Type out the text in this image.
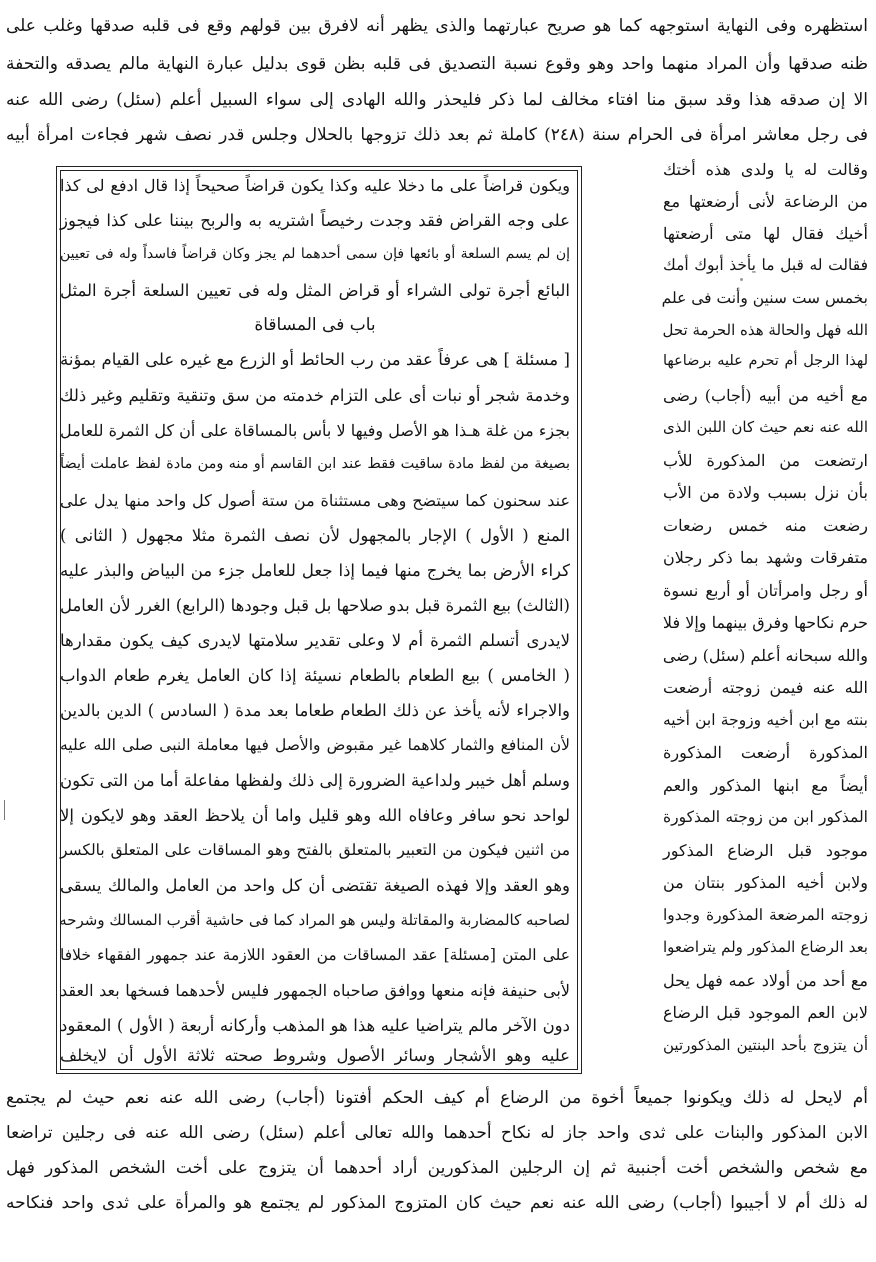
استظهره وفى النهاية استوجهه كما هو صريح عبارتهما والذى يظهر أنه لافرق بين قولهم وقع فى قلبه صدقها وغلب على
ظنه صدقها وأن المراد منهما واحد وهو وقوع نسبة التصديق فى قلبه بظن قوى بدليل عبارة النهاية مالم يصدقه والتحفة
الا إن صدقه هذا وقد سبق منا افتاء مخالف لما ذكر فليحذر والله الهادى إلى سواء السبيل أعلم (سئل) رضى الله عنه
فى رجل معاشر امرأة فى الحرام سنة (٢٤٨) كاملة ثم بعد ذلك تزوجها بالحلال وجلس قدر نصف شهر فجاءت امرأة أبيه
ويكون قراضاً على ما دخلا عليه وكذا يكون قراضاً صحيحاً إذا قال ادفع لى كذا
على وجه القراض فقد وجدت رخيصاً اشتريه به والربح بيننا على كذا فيجوز
إن لم يسم السلعة أو بائعها فإن سمى أحدهما لم يجز وكان قراضاً فاسداً وله فى تعيين
البائع أجرة تولى الشراء أو قراض المثل وله فى تعيين السلعة أجرة المثل
باب فى المساقاة
[ مسئلة ] هى عرفاً عقد من رب الحائط أو الزرع مع غيره على القيام بمؤنة
وخدمة شجر أو نبات أى على التزام خدمته من سق وتنقية وتقليم وغير ذلك
بجزء من غلة هـذا هو الأصل وفيها لا بأس بالمساقاة على أن كل الثمرة للعامل
بصيغة من لفظ مادة ساقيت فقط عند ابن القاسم أو منه ومن مادة لفظ عاملت أيضاً
عند سحنون كما سيتضح وهى مستثناة من ستة أصول كل واحد منها يدل على
المنع ( الأول ) الإجار بالمجهول لأن نصف الثمرة مثلا مجهول ( الثانى )
كراء الأرض بما يخرج منها فيما إذا جعل للعامل جزء من البياض والبذر عليه
(الثالث) بيع الثمرة قبل بدو صلاحها بل قبل وجودها (الرابع) الغرر لأن العامل
لايدرى أتسلم الثمرة أم لا وعلى تقدير سلامتها لايدرى كيف يكون مقدارها
( الخامس ) بيع الطعام بالطعام نسيئة إذا كان العامل يغرم طعام الدواب
والاجراء لأنه يأخذ عن ذلك الطعام طعاما بعد مدة ( السادس ) الدين بالدين
لأن المنافع والثمار كلاهما غير مقبوض والأصل فيها معاملة النبى صلى الله عليه
وسلم أهل خيبر ولداعية الضرورة إلى ذلك ولفظها مفاعلة أما من التى تكون
لواحد نحو سافر وعافاه الله وهو قليل واما أن يلاحظ العقد وهو لايكون إلا
من اثنين فيكون من التعبير بالمتعلق بالفتح وهو المساقات على المتعلق بالكسر
وهو العقد وإلا فهذه الصيغة تقتضى أن كل واحد من العامل والمالك يسقى
لصاحبه كالمضاربة والمقاتلة وليس هو المراد كما فى حاشية أقرب المسالك وشرحه
على المتن [مسئلة] عقد المساقات من العقود اللازمة عند جمهور الفقهاء خلافا
لأبى حنيفة فإنه منعها ووافق صاحباه الجمهور فليس لأحدهما فسخها بعد العقد
دون الآخر مالم يتراضيا عليه هذا هو المذهب وأركانه أربعة ( الأول ) المعقود
عليه وهو الأشجار وسائر الأصول وشروط صحته ثلاثة الأول أن لايخلف
وقالت له يا ولدى هذه أختك
من الرضاعة لأنى أرضعتها مع
أخيك فقال لها متى أرضعتها
فقالت له قبل ما يأخذ أبوك أمك
بخمس ست سنين وأنت فى علم
الله فهل والحالة هذه الحرمة تحل
لهذا الرجل أم تحرم عليه برضاعها
مع أخيه من أبيه (أجاب) رضى
الله عنه نعم حيث كان اللبن الذى
ارتضعت من المذكورة للأب
بأن نزل بسبب ولادة من الأب
رضعت منه خمس رضعات
متفرقات وشهد بما ذكر رجلان
أو رجل وامرأتان أو أربع نسوة
حرم نكاحها وفرق بينهما وإلا فلا
والله سبحانه أعلم (سئل) رضى
الله عنه فيمن زوجته أرضعت
بنته مع ابن أخيه وزوجة ابن أخيه
المذكورة أرضعت المذكورة
أيضاً مع ابنها المذكور والعم
المذكور ابن من زوجته المذكورة
موجود قبل الرضاع المذكور
ولابن أخيه المذكور بنتان من
زوجته المرضعة المذكورة وجدوا
بعد الرضاع المذكور ولم يتراضعوا
مع أحد من أولاد عمه فهل يحل
لابن العم الموجود قبل الرضاع
أن يتزوج بأحد البنتين المذكورتين
أم لايحل له ذلك ويكونوا جميعاً أخوة من الرضاع أم كيف الحكم أفتونا (أجاب) رضى الله عنه نعم حيث لم يجتمع
الابن المذكور والبنات على ثدى واحد جاز له نكاح أحدهما والله تعالى أعلم (سئل) رضى الله عنه فى رجلين تراضعا
مع شخص والشخص أخت أجنبية ثم إن الرجلين المذكورين أراد أحدهما أن يتزوج على أخت الشخص المذكور فهل
له ذلك أم لا أجيبوا (أجاب) رضى الله عنه نعم حيث كان المتزوج المذكور لم يجتمع هو والمرأة على ثدى واحد فنكاحه
